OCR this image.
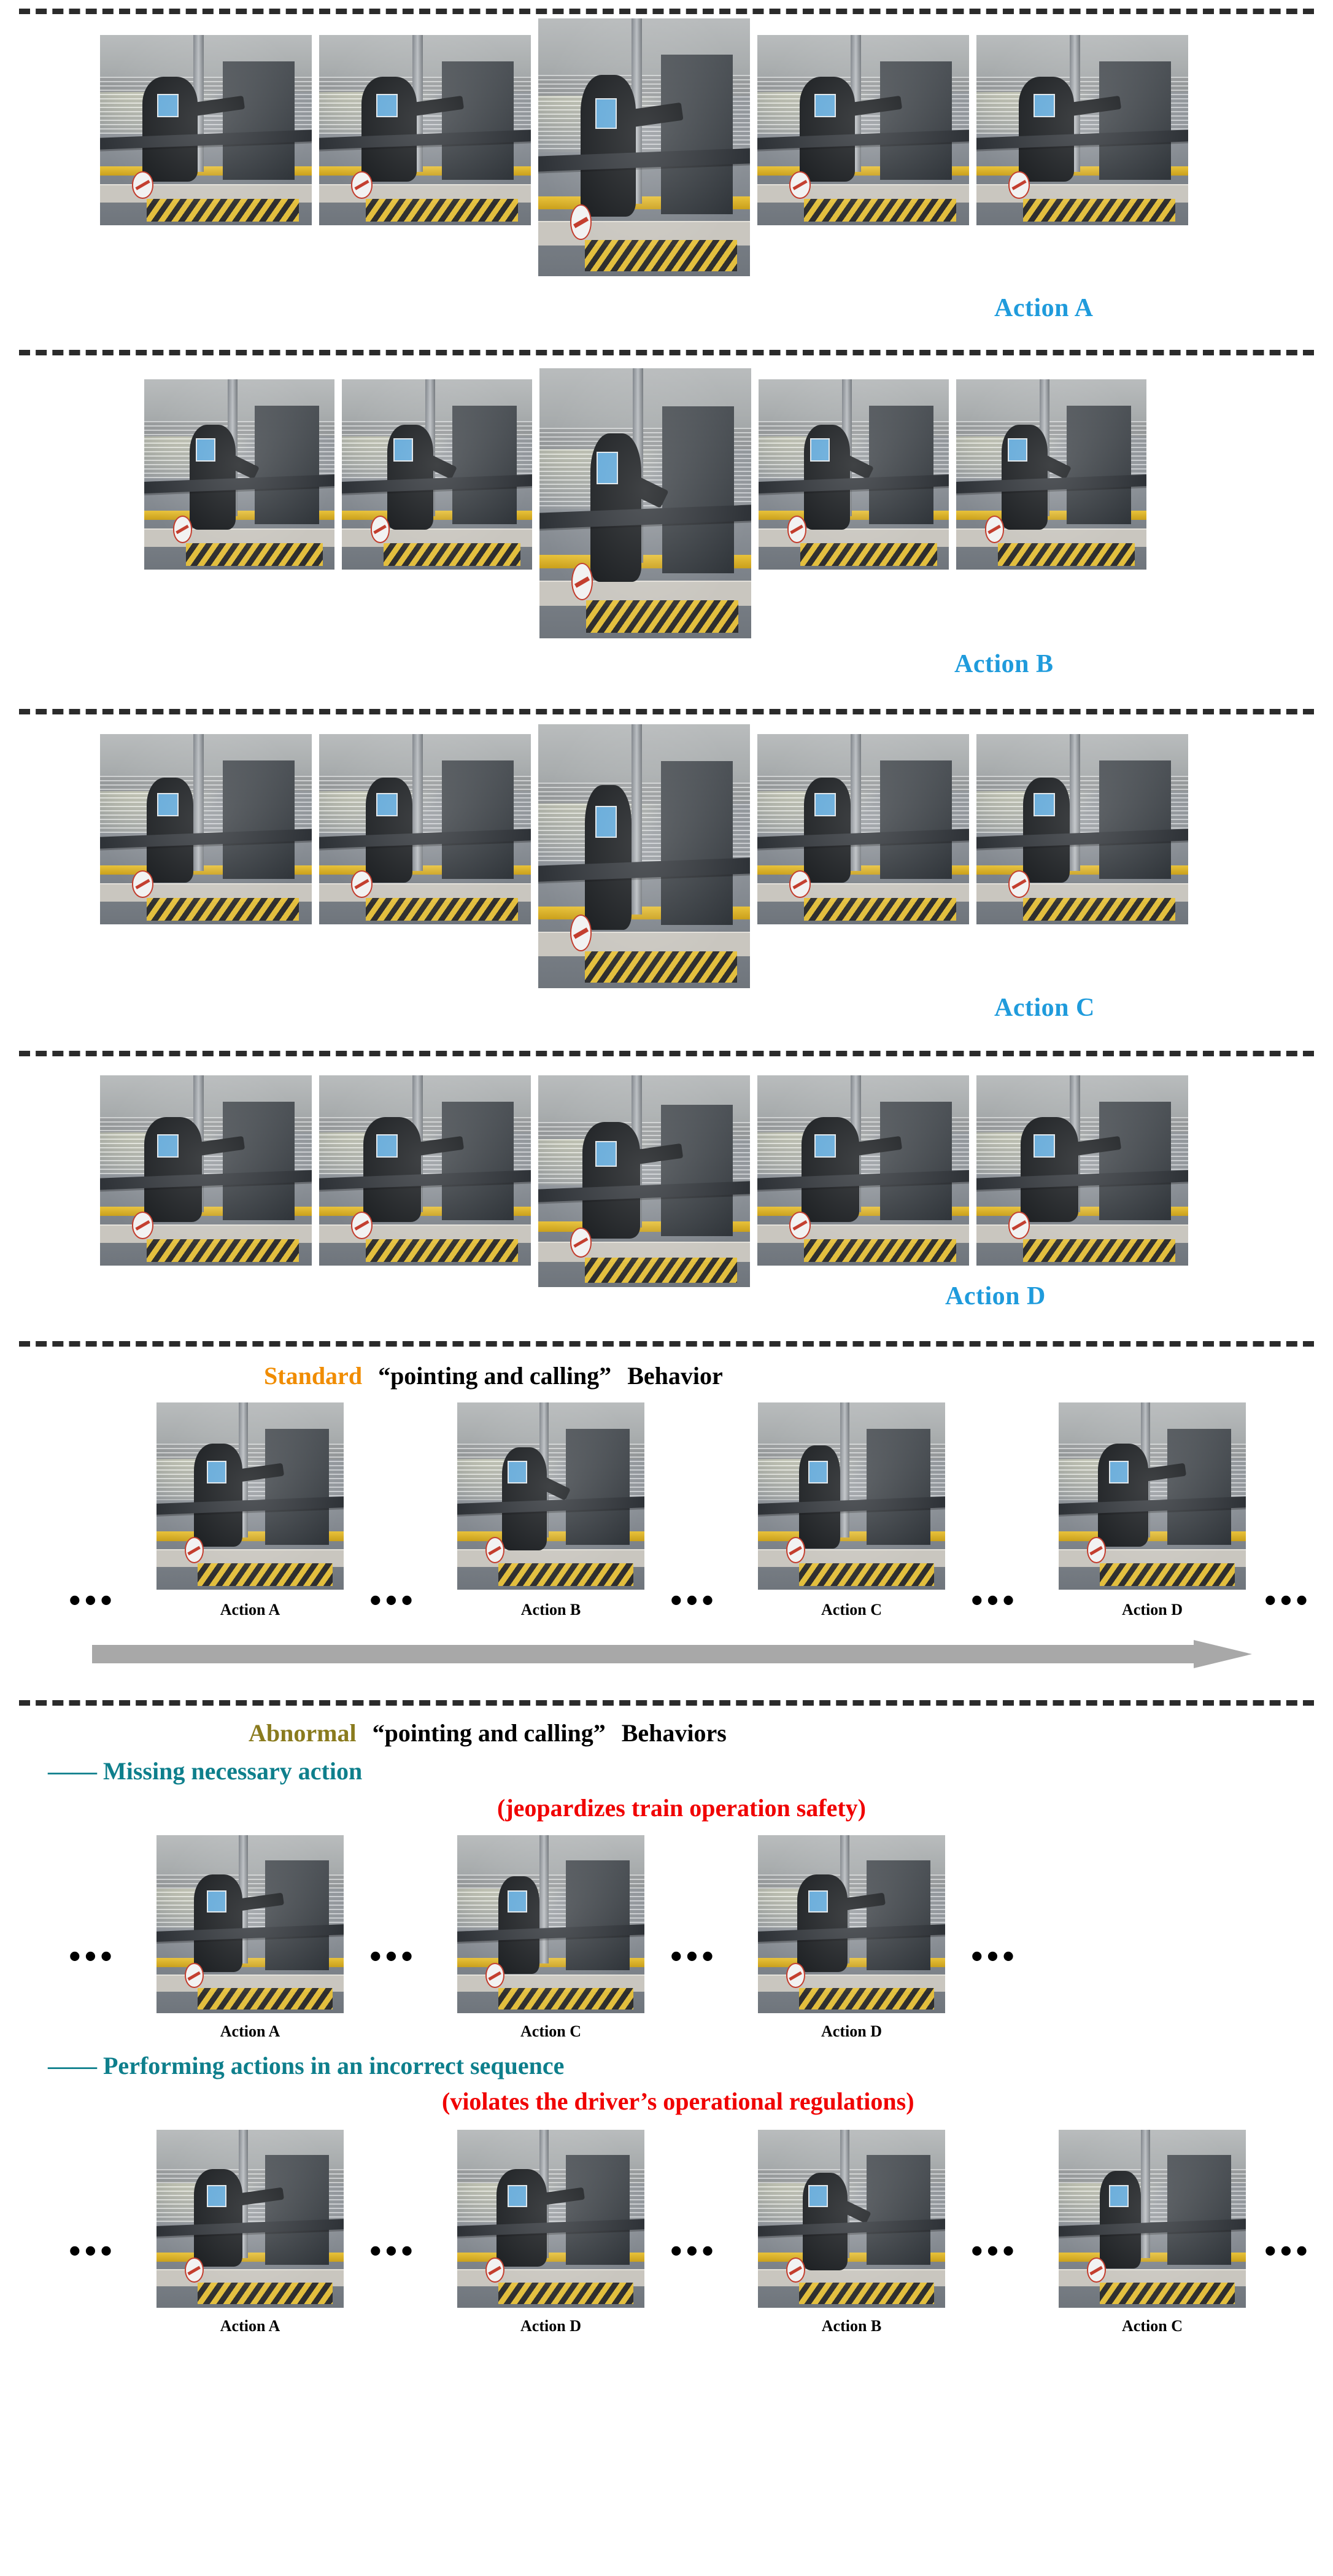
Action A
Action B
Action C
Action D
Standard “pointing and calling” Behavior
•••	Action A	•••	Action B	•••	Action C	•••	Action D	•••
Abnormal “pointing and calling” Behaviors
—— Missing necessary action
(jeopardizes train operation safety)
•••
Action A
•••
Action C
•••
Action D
•••
—— Performing actions in an incorrect sequence
(violates the driver’s operational regulations)
•••
Action A
•••
Action D
•••
Action B
•••
Action C
•••
